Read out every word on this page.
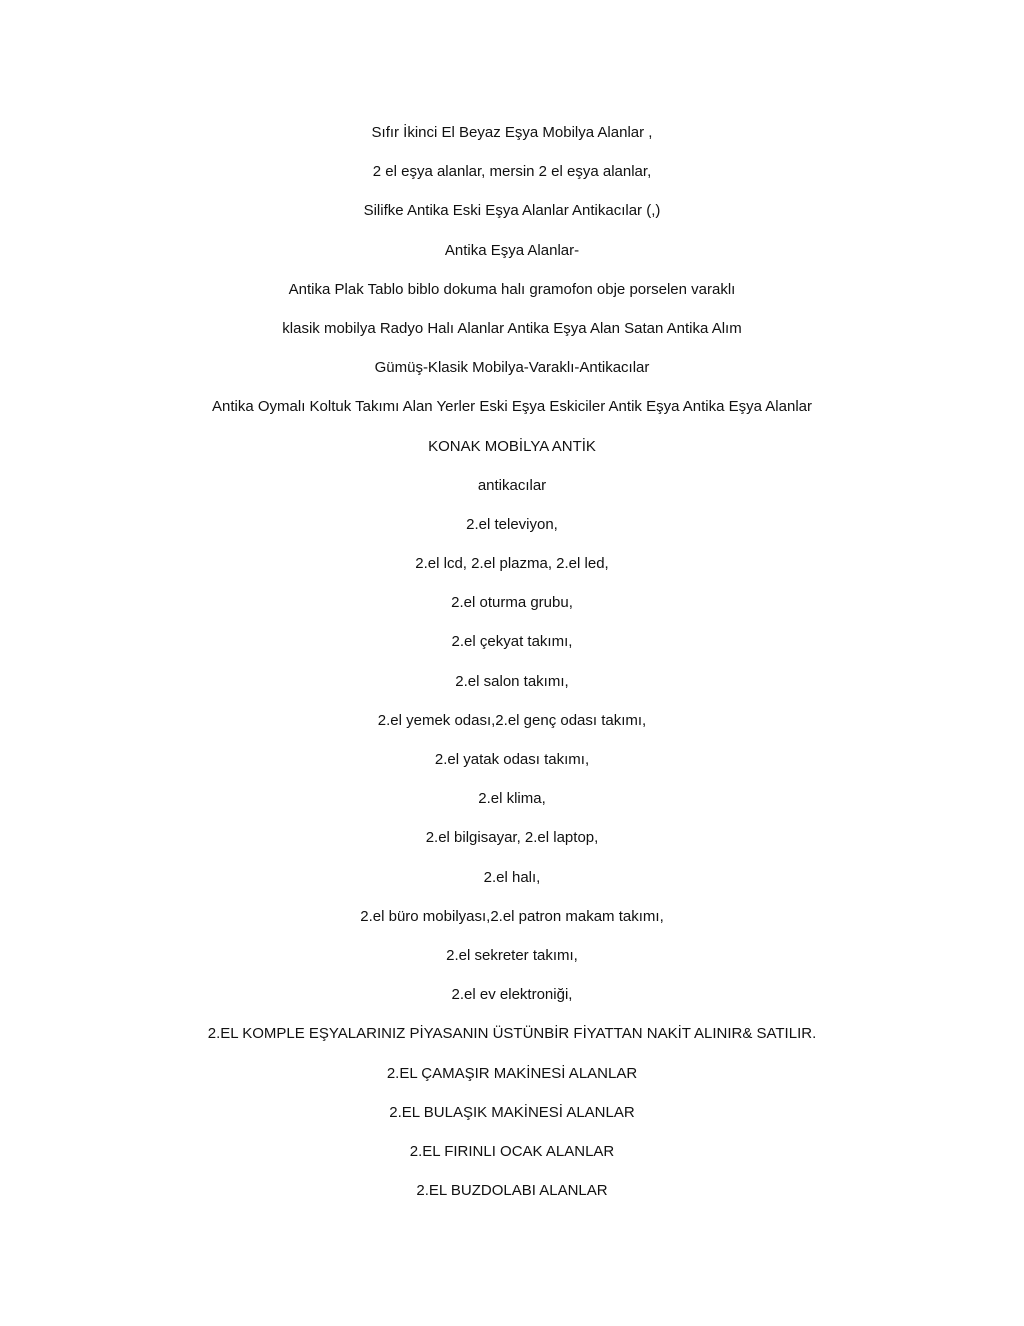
Sıfır İkinci El Beyaz Eşya Mobilya Alanlar ,
2 el eşya alanlar, mersin 2 el eşya alanlar,
Silifke Antika Eski Eşya Alanlar Antikacılar (,)
Antika Eşya Alanlar-
Antika Plak Tablo biblo dokuma halı gramofon obje porselen varaklı
klasik mobilya Radyo Halı Alanlar Antika Eşya Alan Satan Antika Alım
Gümüş-Klasik Mobilya-Varaklı-Antikacılar
Antika Oymalı Koltuk Takımı Alan Yerler Eski Eşya Eskiciler Antik Eşya Antika Eşya Alanlar
KONAK MOBİLYA ANTİK
antikacılar
2.el televiyon,
2.el lcd, 2.el plazma, 2.el led,
2.el oturma grubu,
2.el çekyat takımı,
2.el salon takımı,
2.el yemek odası,2.el genç odası takımı,
2.el yatak odası takımı,
2.el klima,
2.el bilgisayar, 2.el laptop,
2.el halı,
2.el büro mobilyası,2.el patron makam takımı,
2.el sekreter takımı,
2.el ev elektroniği,
2.EL KOMPLE EŞYALARINIZ PİYASANIN ÜSTÜNBİR FİYATTAN NAKİT ALINIR& SATILIR.
2.EL ÇAMAŞIR MAKİNESİ ALANLAR
2.EL BULAŞIK MAKİNESİ ALANLAR
2.EL FIRINLI OCAK ALANLAR
2.EL BUZDOLABI ALANLAR
